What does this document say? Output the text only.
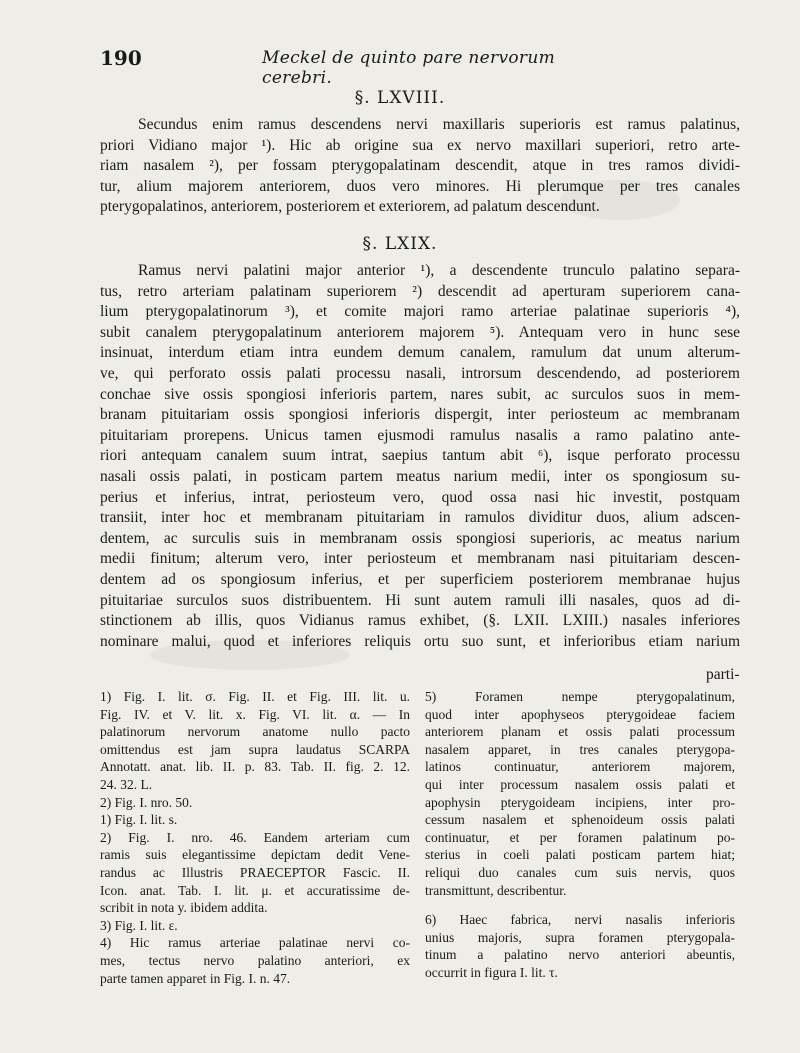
190	Meckel de quinto pare nervorum cerebri.
§. LXVIII.
Secundus enim ramus descendens nervi maxillaris superioris est ramus palatinus,
priori Vidiano major ¹). Hic ab origine sua ex nervo maxillari superiori, retro arte-
riam nasalem ²), per fossam pterygopalatinam descendit, atque in tres ramos dividi-
tur, alium majorem anteriorem, duos vero minores. Hi plerumque per tres canales
pterygopalatinos, anteriorem, posteriorem et exteriorem, ad palatum descendunt.
§. LXIX.
Ramus nervi palatini major anterior ¹), a descendente trunculo palatino separa-
tus, retro arteriam palatinam superiorem ²) descendit ad aperturam superiorem cana-
lium pterygopalatinorum ³), et comite majori ramo arteriae palatinae superioris ⁴),
subit canalem pterygopalatinum anteriorem majorem ⁵). Antequam vero in hunc sese
insinuat, interdum etiam intra eundem demum canalem, ramulum dat unum alterum-
ve, qui perforato ossis palati processu nasali, introrsum descendendo, ad posteriorem
conchae sive ossis spongiosi inferioris partem, nares subit, ac surculos suos in mem-
branam pituitariam ossis spongiosi inferioris dispergit, inter periosteum ac membranam
pituitariam prorepens. Unicus tamen ejusmodi ramulus nasalis a ramo palatino ante-
riori antequam canalem suum intrat, saepius tantum abit ⁶), isque perforato processu
nasali ossis palati, in posticam partem meatus narium medii, inter os spongiosum su-
perius et inferius, intrat, periosteum vero, quod ossa nasi hic investit, postquam
transiit, inter hoc et membranam pituitariam in ramulos dividitur duos, alium adscen-
dentem, ac surculis suis in membranam ossis spongiosi superioris, ac meatus narium
medii finitum; alterum vero, inter periosteum et membranam nasi pituitariam descen-
dentem ad os spongiosum inferius, et per superficiem posteriorem membranae hujus
pituitariae surculos suos distribuentem. Hi sunt autem ramuli illi nasales, quos ad di-
stinctionem ab illis, quos Vidianus ramus exhibet, (§. LXII. LXIII.) nasales inferiores
nominare malui, quod et inferiores reliquis ortu suo sunt, et inferioribus etiam narium
parti-
1) Fig. I. lit. σ. Fig. II. et Fig. III. lit. u.
Fig. IV. et V. lit. x. Fig. VI. lit. α. — In
palatinorum nervorum anatome nullo pacto
omittendus est jam supra laudatus SCARPA
Annotatt. anat. lib. II. p. 83. Tab. II. fig. 2. 12.
24. 32. L.
2) Fig. I. nro. 50.
1) Fig. I. lit. s.
2) Fig. I. nro. 46. Eandem arteriam cum
ramis suis elegantissime depictam dedit Vene-
randus ac Illustris PRAECEPTOR Fascic. II.
Icon. anat. Tab. I. lit. μ. et accuratissime de-
scribit in nota y. ibidem addita.
3) Fig. I. lit. ε.
4) Hic ramus arteriae palatinae nervi co-
mes, tectus nervo palatino anteriori, ex
parte tamen apparet in Fig. I. n. 47.
5) Foramen nempe pterygopalatinum,
quod inter apophyseos pterygoideae faciem
anteriorem planam et ossis palati processum
nasalem apparet, in tres canales pterygopa-
latinos continuatur, anteriorem majorem,
qui inter processum nasalem ossis palati et
apophysin pterygoideam incipiens, inter pro-
cessum nasalem et sphenoideum ossis palati
continuatur, et per foramen palatinum po-
sterius in coeli palati posticam partem hiat;
reliqui duo canales cum suis nervis, quos
transmittunt, describentur.
6) Haec fabrica, nervi nasalis inferioris
unius majoris, supra foramen pterygopala-
tinum a palatino nervo anteriori abeuntis,
occurrit in figura I. lit. τ.
